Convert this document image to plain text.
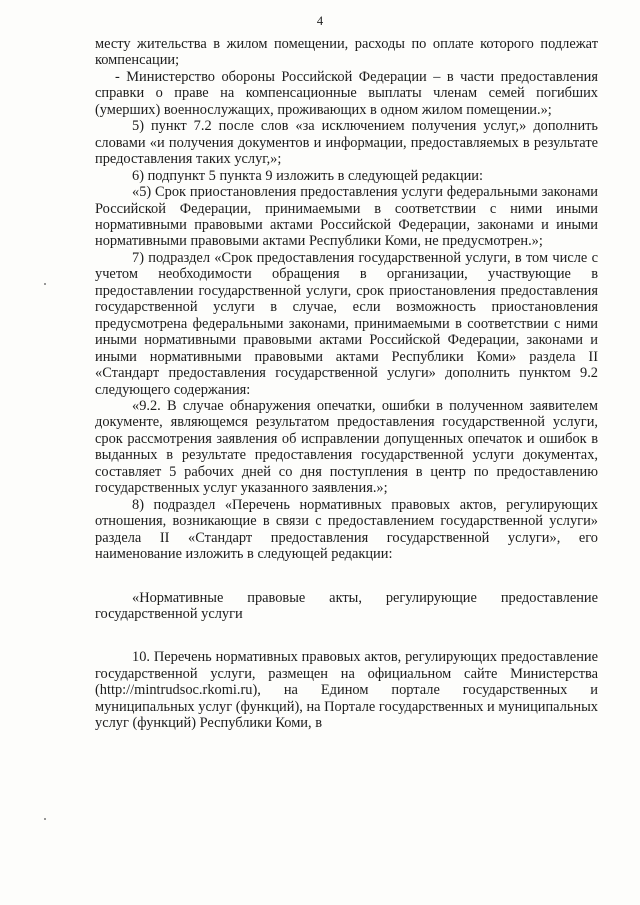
4

месту жительства в жилом помещении, расходы по оплате которого подлежат компенсации;

- Министерство обороны Российской Федерации – в части предоставления справки о праве на компенсационные выплаты членам семей погибших (умерших) военнослужащих, проживающих в одном жилом помещении.»;

5) пункт 7.2 после слов «за исключением получения услуг,» дополнить словами «и получения документов и информации, предоставляемых в результате предоставления таких услуг,»;

6) подпункт 5 пункта 9 изложить в следующей редакции:

«5) Срок приостановления предоставления услуги федеральными законами Российской Федерации, принимаемыми в соответствии с ними иными нормативными правовыми актами Российской Федерации, законами и иными нормативными правовыми актами Республики Коми, не предусмотрен.»;

7) подраздел «Срок предоставления государственной услуги, в том числе с учетом необходимости обращения в организации, участвующие в предоставлении государственной услуги, срок приостановления предоставления государственной услуги в случае, если возможность приостановления предусмотрена федеральными законами, принимаемыми в соответствии с ними иными нормативными правовыми актами Российской Федерации, законами и иными нормативными правовыми актами Республики Коми» раздела II «Стандарт предоставления государственной услуги» дополнить пунктом 9.2 следующего содержания:

«9.2. В случае обнаружения опечатки, ошибки в полученном заявителем документе, являющемся результатом предоставления государственной услуги, срок рассмотрения заявления об исправлении допущенных опечаток и ошибок в выданных в результате предоставления государственной услуги документах, составляет 5 рабочих дней со дня поступления в центр по предоставлению государственных услуг указанного заявления.»;

8) подраздел «Перечень нормативных правовых актов, регулирующих отношения, возникающие в связи с предоставлением государственной услуги» раздела II «Стандарт предоставления государственной услуги», его наименование изложить в следующей редакции:

«Нормативные правовые акты, регулирующие предоставление государственной услуги

10. Перечень нормативных правовых актов, регулирующих предоставление государственной услуги, размещен на официальном сайте Министерства (http://mintrudsoc.rkomi.ru), на Едином портале государственных и муниципальных услуг (функций), на Портале государственных и муниципальных услуг (функций) Республики Коми, в
